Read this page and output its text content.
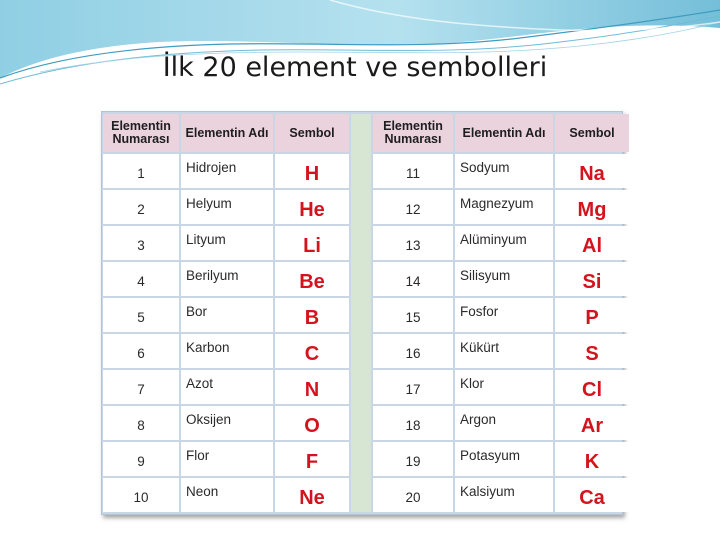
İlk 20 element ve sembolleri
Elementin Numarası	Elementin Adı	Sembol	Elementin Numarası	Elementin Adı	Sembol
1	Hidrojen	H	11	Sodyum	Na
2	Helyum	He	12	Magnezyum	Mg
3	Lityum	Li	13	Alüminyum	Al
4	Berilyum	Be	14	Silisyum	Si
5	Bor	B	15	Fosfor	P
6	Karbon	C	16	Kükürt	S
7	Azot	N	17	Klor	Cl
8	Oksijen	O	18	Argon	Ar
9	Flor	F	19	Potasyum	K
10	Neon	Ne	20	Kalsiyum	Ca
